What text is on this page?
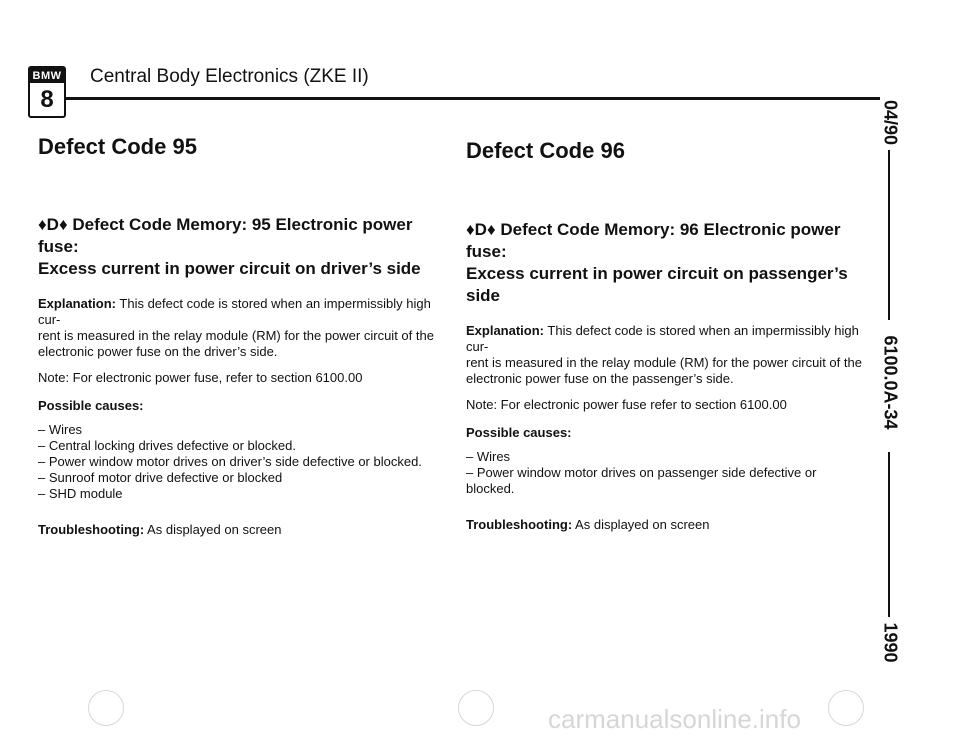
BMW
8
Central Body Electronics (ZKE II)
04/90
6100.0A-34
1990
Defect Code 95

♦D♦ Defect Code Memory: 95 Electronic power fuse:

Excess current in power circuit on driver’s side

Explanation: This defect code is stored when an impermissibly high cur-

rent is measured in the relay module (RM) for the power circuit of the

electronic power fuse on the driver’s side.

Note: For electronic power fuse, refer to section 6100.00

Possible causes:

– Wires
– Central locking drives defective or blocked.
– Power window motor drives on driver’s side defective or blocked.
– Sunroof motor drive defective or blocked
– SHD module

Troubleshooting: As displayed on screen

Defect Code 96

♦D♦ Defect Code Memory: 96 Electronic power fuse:

Excess current in power circuit on passenger’s side

Explanation: This defect code is stored when an impermissibly high cur-

rent is measured in the relay module (RM) for the power circuit of the

electronic power fuse on the passenger’s side.

Note: For electronic power fuse refer to section 6100.00

Possible causes:

– Wires
– Power window motor drives on passenger side defective or blocked.

Troubleshooting: As displayed on screen

carmanualsonline.info
